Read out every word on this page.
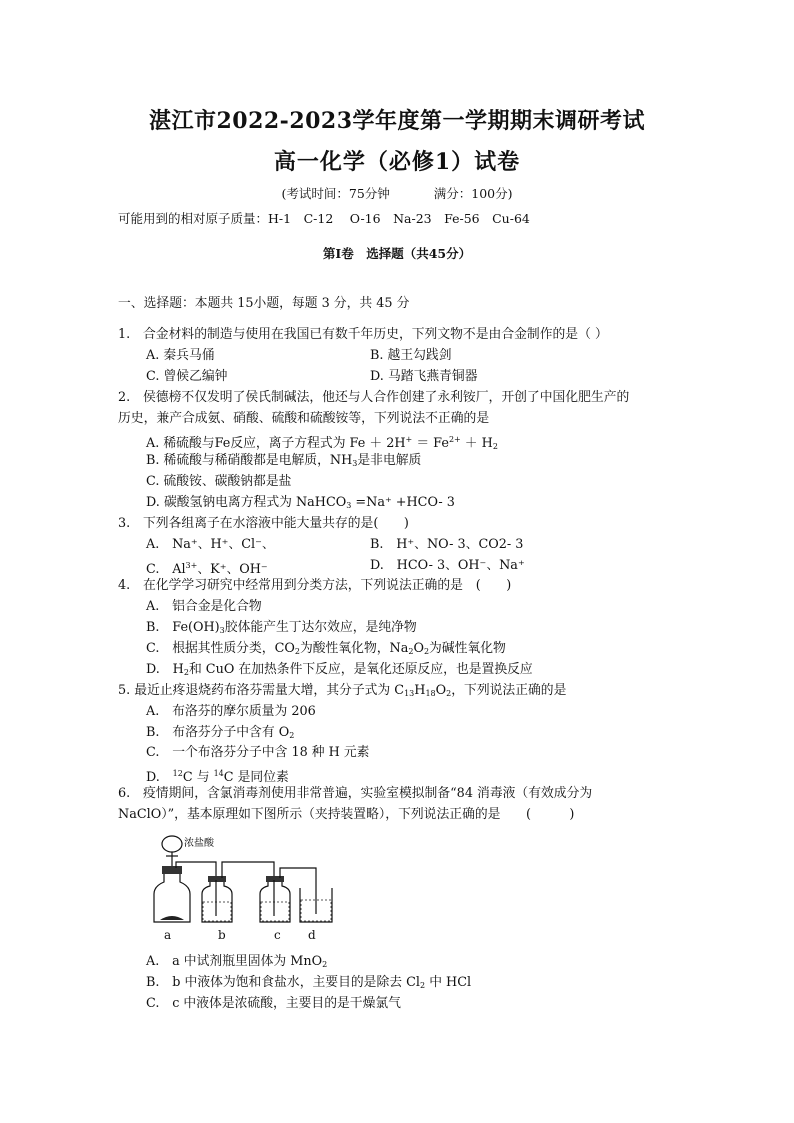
湛江市2022-2023学年度第一学期期末调研考试
高一化学（必修1）试卷
(考试时间：75分钟	满分：100分)
可能用到的相对原子质量：H-1　C-12　 O-16　Na-23　Fe-56　Cu-64
第Ⅰ卷　选择题（共45分）
一、选择题：本题共 15小题，每题 3 分，共 45 分
1.　合金材料的制造与使用在我国已有数千年历史，下列文物不是由合金制作的是（ ）
A. 秦兵马俑	B. 越王勾践剑
C. 曾候乙编钟	D. 马踏飞燕青铜器
2.　侯德榜不仅发明了侯氏制碱法，他还与人合作创建了永利铵厂，开创了中国化肥生产的
历史，兼产合成氨、硝酸、硫酸和硫酸铵等，下列说法不正确的是
A. 稀硫酸与Fe反应，离子方程式为 $Fe + 2H^+ = Fe^{2+} + H_2$
B. 稀硫酸与稀硝酸都是电解质，$NH_3$是非电解质
C. 硫酸铵、碳酸钠都是盐
D. 碳酸氢钠电离方程式为 NaHCO$_3$ =Na⁺ +HCO- 3
3.　下列各组离子在水溶液中能大量共存的是(　　)
A.　Na⁺、H⁺、Cl⁻、	B.　H⁺、NO- 3、CO2- 3
C.　$Al^{3+}$、K⁺、OH⁻	D.　HCO- 3、OH⁻、Na⁺
4.　在化学学习研究中经常用到分类方法，下列说法正确的是　(　　)
A.　铝合金是化合物
B.　$Fe(OH)_3$胶体能产生丁达尔效应，是纯净物
C.　根据其性质分类，$CO_2$为酸性氧化物，$Na_2O_2$为碱性氧化物
D.　$H_2$和 CuO 在加热条件下反应，是氧化还原反应，也是置换反应
5. 最近止疼退烧药布洛芬需量大增，其分子式为 $C_{13}H_{18}O_2$，下列说法正确的是
A.　布洛芬的摩尔质量为 206
B.　布洛芬分子中含有 $O_2$
C.　一个布洛芬分子中含 18 种 H 元素
D.　$^{12}$C 与 $^{14}$C 是同位素
6.　疫情期间，含氯消毒剂使用非常普遍，实验室模拟制备“84 消毒液（有效成分为
NaClO）”，基本原理如下图所示（夹持装置略），下列说法正确的是　　(　　　)
浓盐酸
a	b	c d
A.　a 中试剂瓶里固体为 MnO$_2$
B.　b 中液体为饱和食盐水，主要目的是除去 $Cl_2$ 中 HCl
C.　c 中液体是浓硫酸，主要目的是干燥氯气
